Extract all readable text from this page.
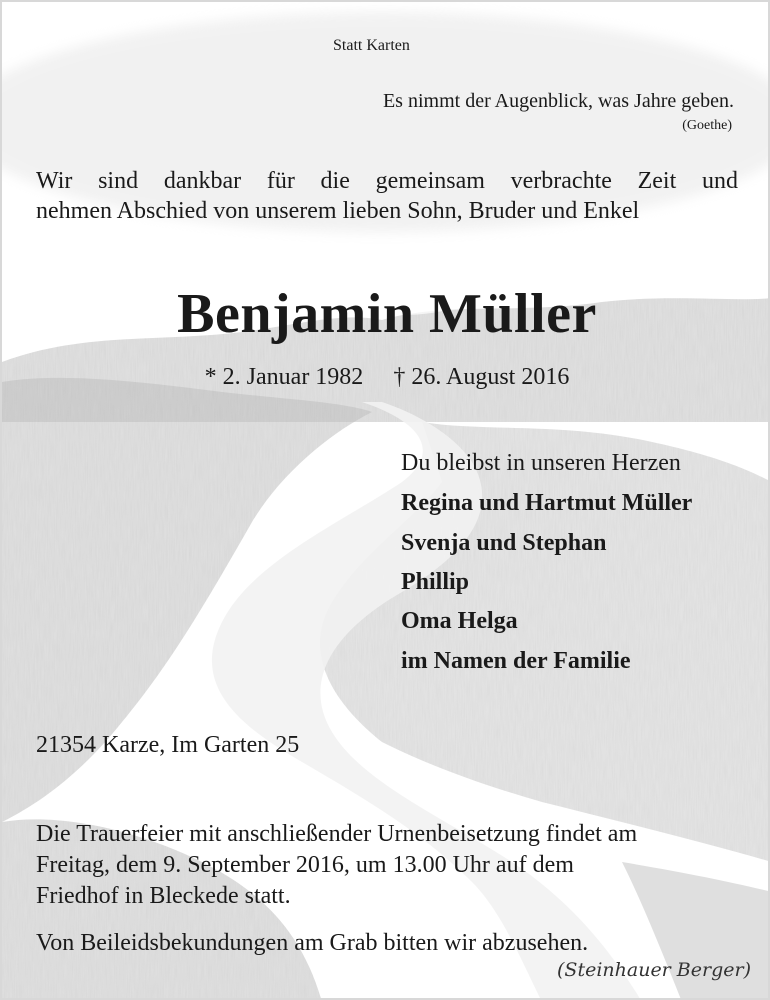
Statt Karten
Es nimmt der Augenblick, was Jahre geben.
(Goethe)
Wir sind dankbar für die gemeinsam verbrachte Zeit und
nehmen Abschied von unserem lieben Sohn, Bruder und Enkel
Benjamin Müller
* 2. Januar 1982 † 26. August 2016
Du bleibst in unseren Herzen
Regina und Hartmut Müller
Svenja und Stephan
Phillip
Oma Helga
im Namen der Familie
21354 Karze, Im Garten 25
Die Trauerfeier mit anschließender Urnenbeisetzung findet am
Freitag, dem 9. September 2016, um 13.00 Uhr auf dem
Friedhof in Bleckede statt.
Von Beileidsbekundungen am Grab bitten wir abzusehen.
(Steinhauer Berger)
